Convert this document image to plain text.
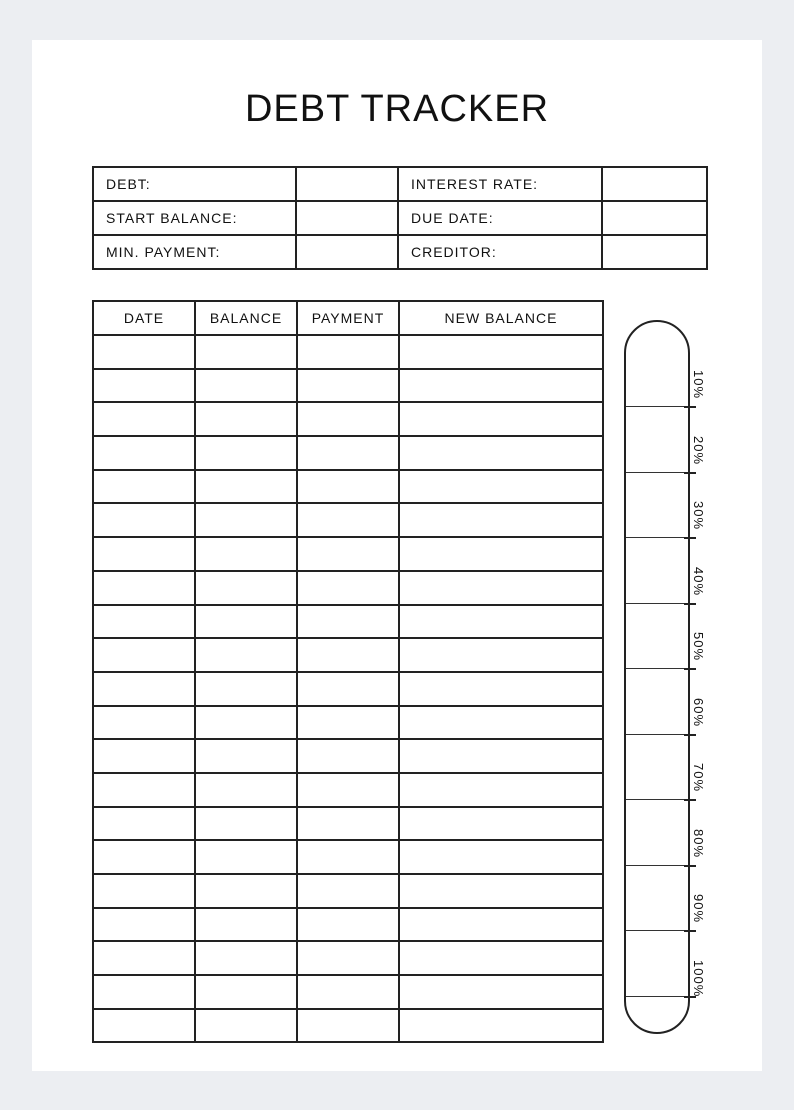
DEBT TRACKER
DEBT:		INTEREST RATE:	
START BALANCE:		DUE DATE:	
MIN. PAYMENT:		CREDITOR:	
DATE	BALANCE	PAYMENT	NEW BALANCE

10%
20%
30%
40%
50%
60%
70%
80%
90%
100%
